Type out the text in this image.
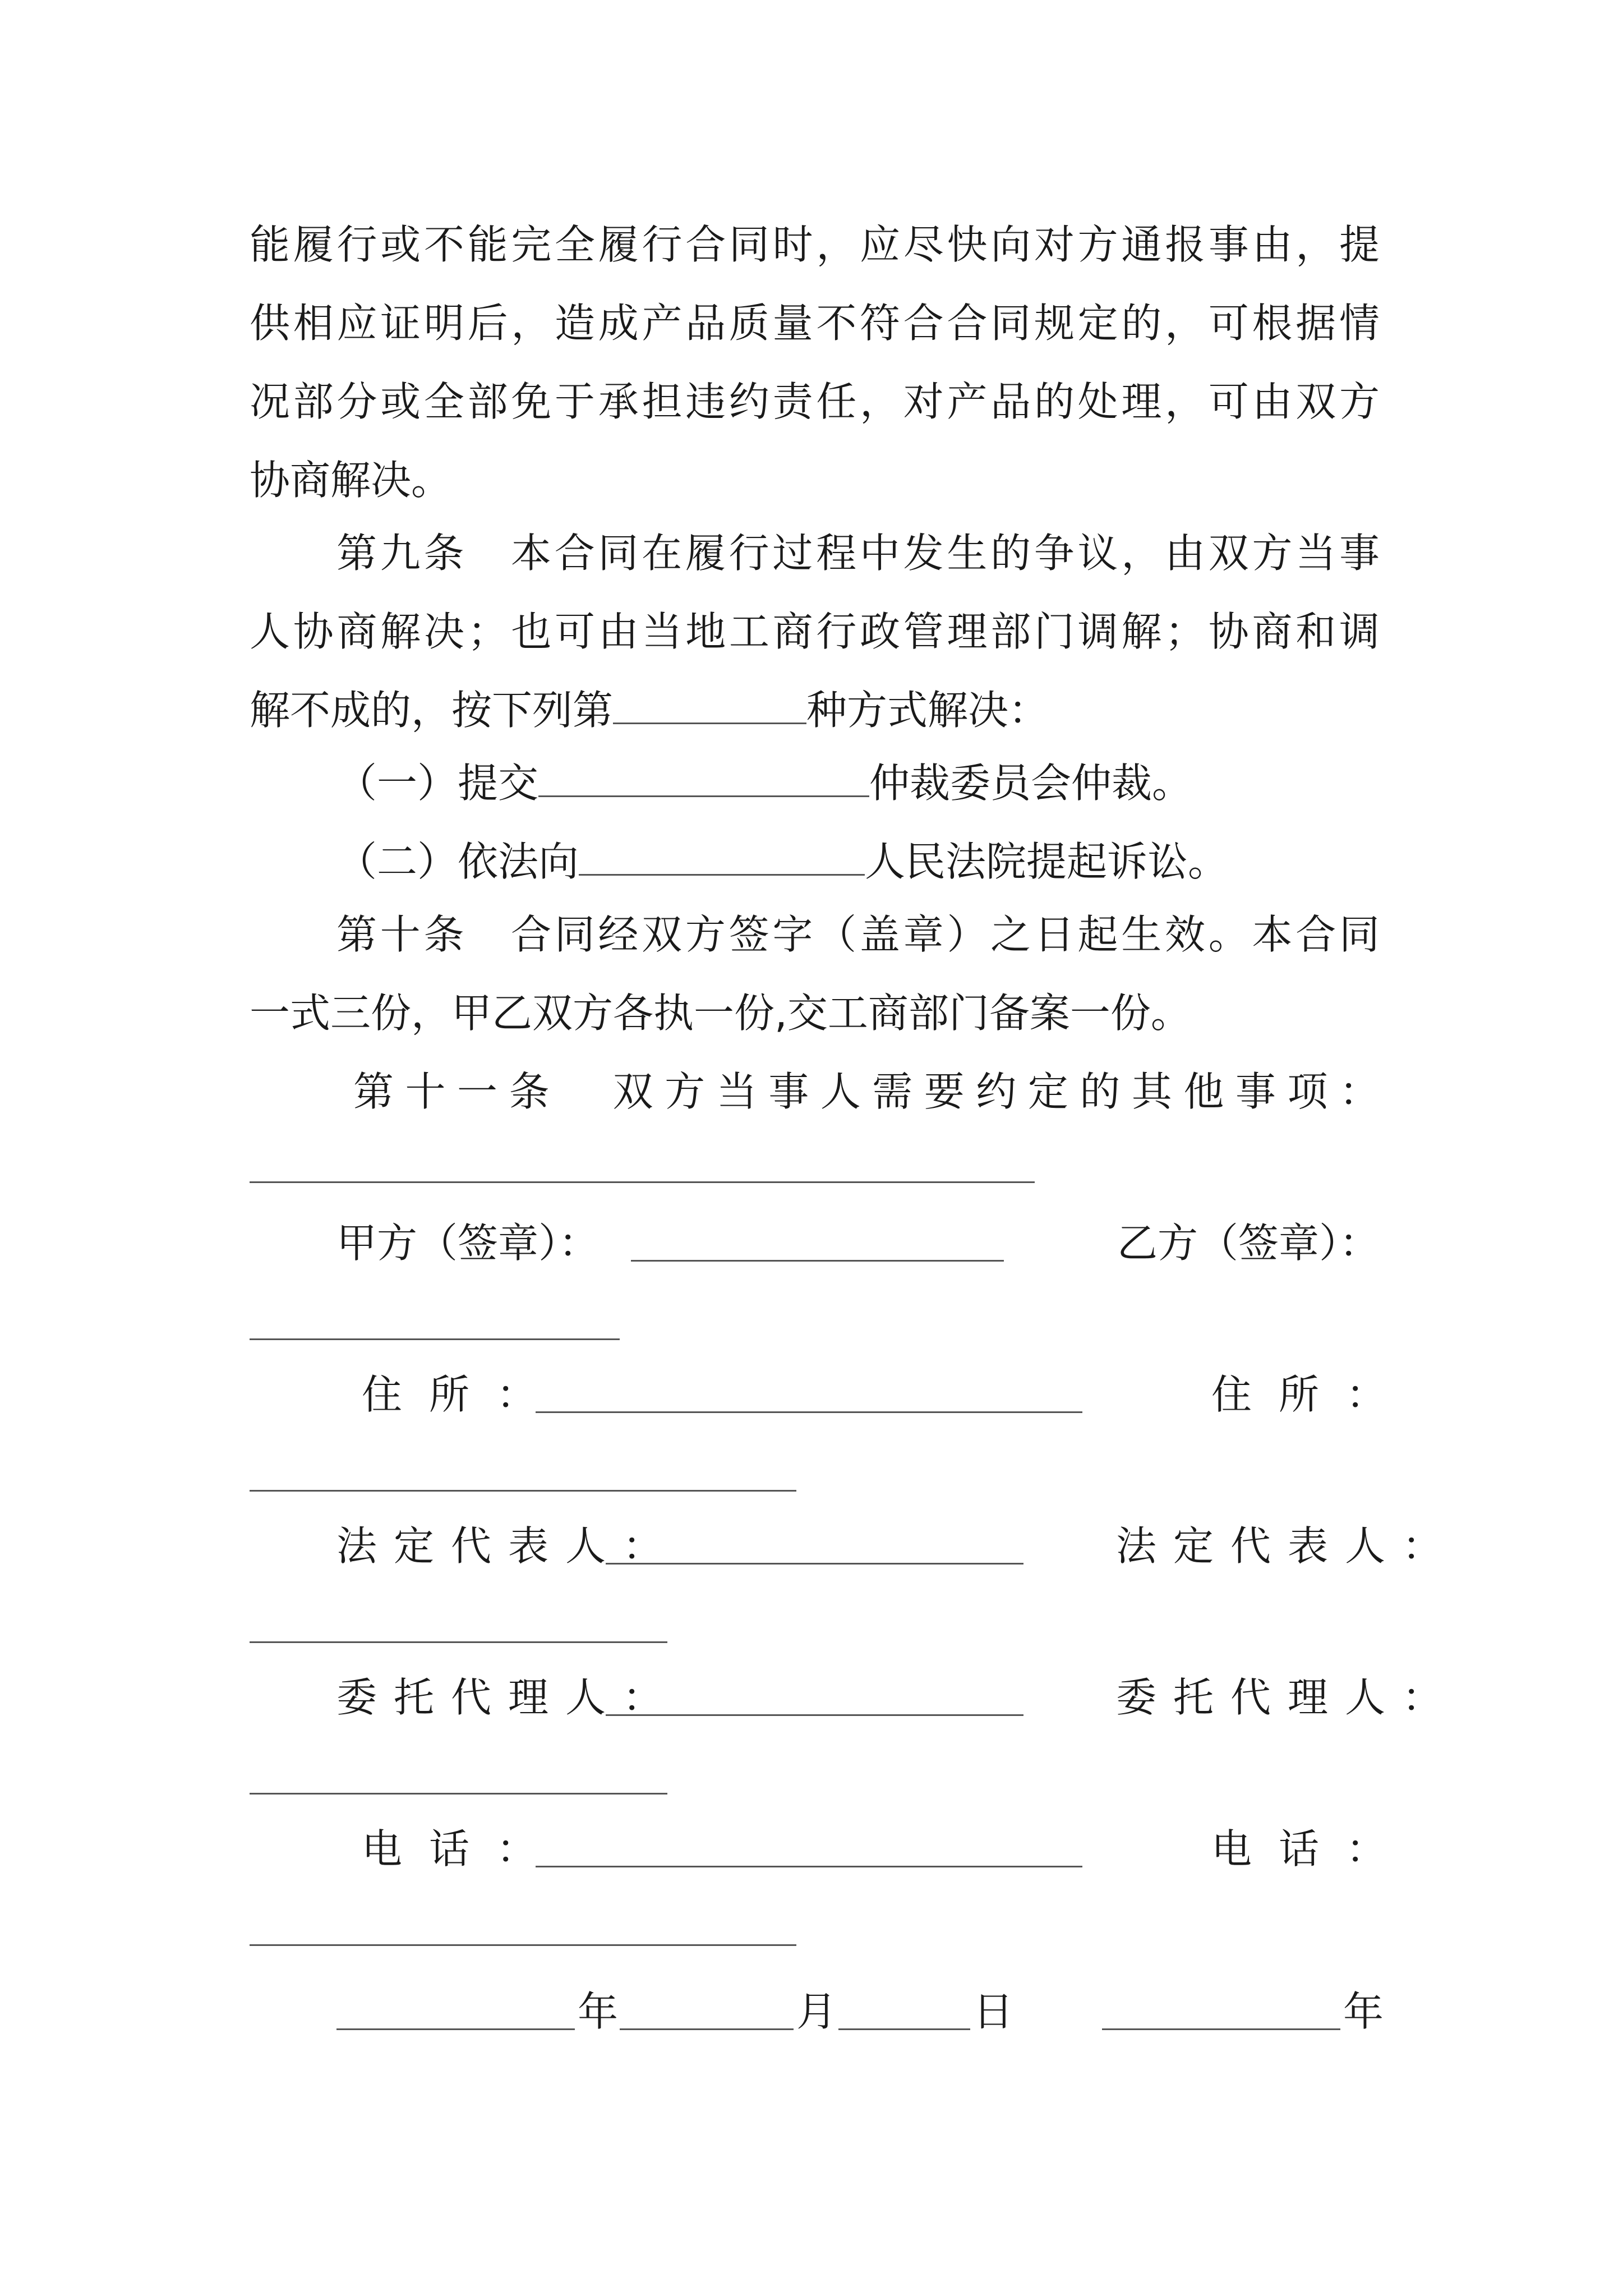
能履行或不能完全履行合同时，应尽快向对方通报事由，提
供相应证明后，造成产品质量不符合合同规定的，可根据情
况部分或全部免于承担违约责任，对产品的处理，可由双方
协商解决。
第九条　本合同在履行过程中发生的争议，由双方当事
人协商解决；也可由当地工商行政管理部门调解；协商和调
解不成的，按下列第	种方式解决：
（一）提交	仲裁委员会仲裁。
（二）依法向	人民法院提起诉讼。
第十条　合同经双方签字（盖章）之日起生效。本合同
一式三份，甲乙双方各执一份,交工商部门备案一份。
第十一条　双方当事人需要约定的其他事项：
甲方（签章）：	乙方（签章）：
住所：	住所：
法定代表人：	法定代表人：
委托代理人：	委托代理人：
电话：	电话：
年	月	日	年
